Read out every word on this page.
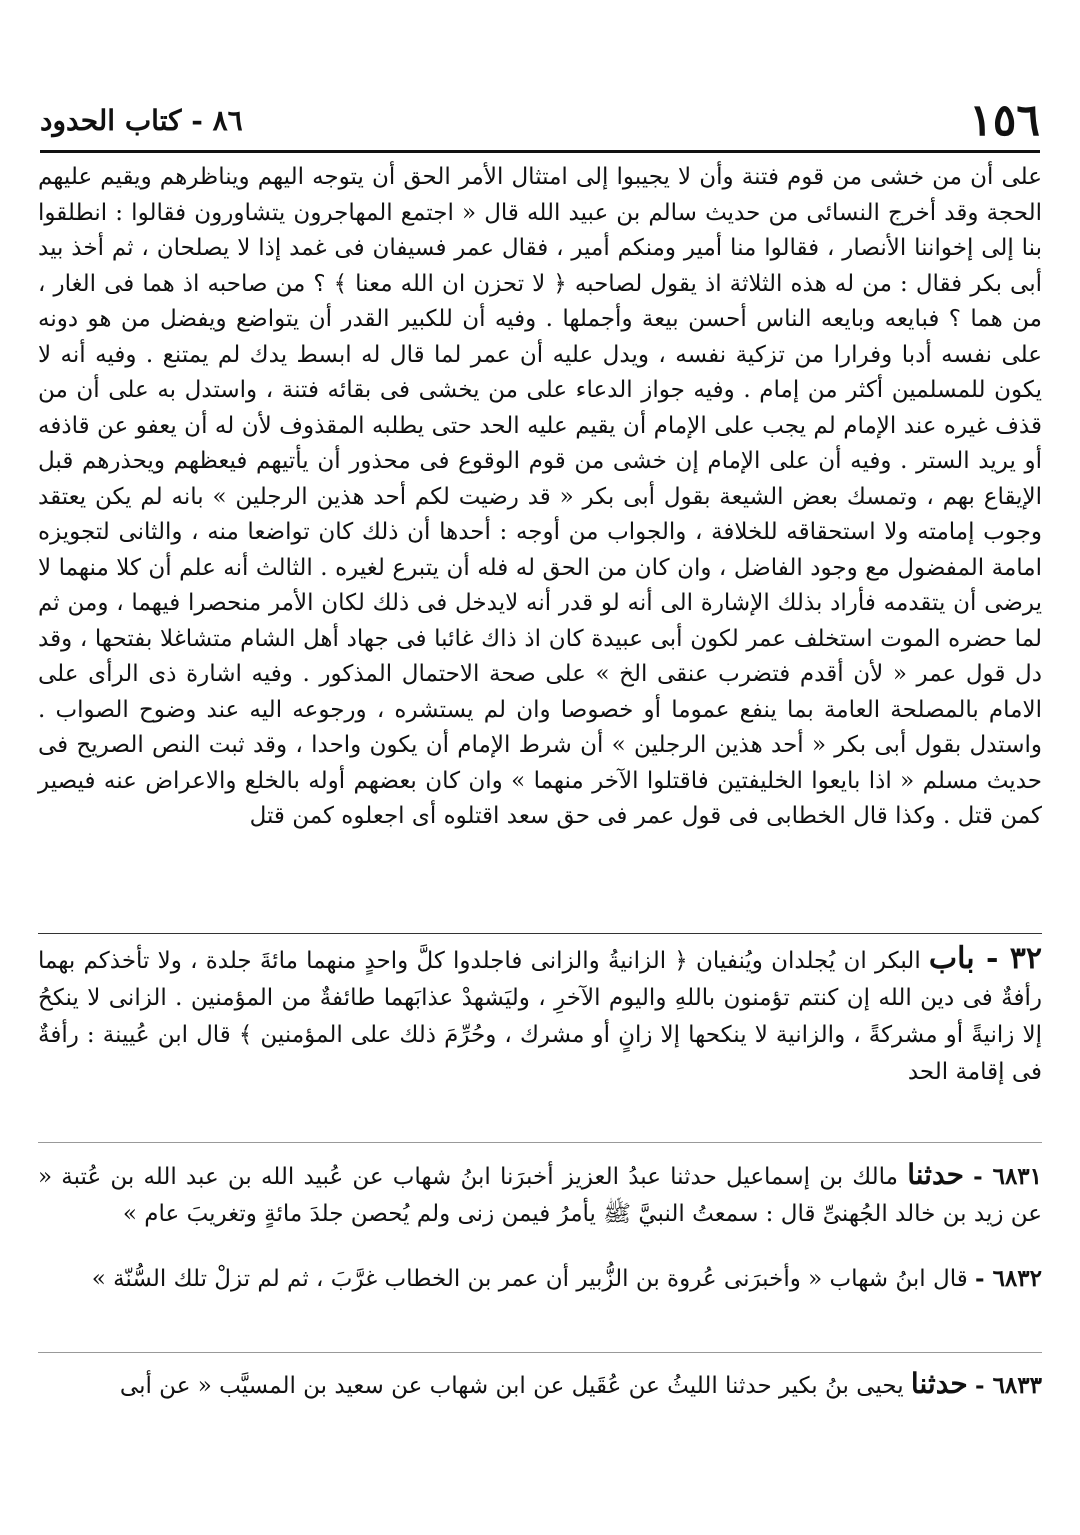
١٥٦
٨٦ - كتاب الحدود

على أن من خشى من قوم فتنة وأن لا يجيبوا إلى امتثال الأمر الحق أن يتوجه اليهم ويناظرهم ويقيم عليهم الحجة وقد أخرج النسائى من حديث سالم بن عبيد الله قال « اجتمع المهاجرون يتشاورون فقالوا : انطلقوا بنا إلى إخواننا الأنصار ، فقالوا منا أمير ومنكم أمير ، فقال عمر فسيفان فى غمد إذا لا يصلحان ، ثم أخذ بيد أبى بكر فقال : من له هذه الثلاثة اذ يقول لصاحبه ﴿ لا تحزن ان الله معنا ﴾ ؟ من صاحبه اذ هما فى الغار ، من هما ؟ فبايعه وبايعه الناس أحسن بيعة وأجملها . وفيه أن للكبير القدر أن يتواضع ويفضل من هو دونه على نفسه أدبا وفرارا من تزكية نفسه ، ويدل عليه أن عمر لما قال له ابسط يدك لم يمتنع . وفيه أنه لا يكون للمسلمين أكثر من إمام . وفيه جواز الدعاء على من يخشى فى بقائه فتنة ، واستدل به على أن من قذف غيره عند الإمام لم يجب على الإمام أن يقيم عليه الحد حتى يطلبه المقذوف لأن له أن يعفو عن قاذفه أو يريد الستر . وفيه أن على الإمام إن خشى من قوم الوقوع فى محذور أن يأتيهم فيعظهم ويحذرهم قبل الإيقاع بهم ، وتمسك بعض الشيعة بقول أبى بكر « قد رضيت لكم أحد هذين الرجلين » بانه لم يكن يعتقد وجوب إمامته ولا استحقاقه للخلافة ، والجواب من أوجه : أحدها أن ذلك كان تواضعا منه ، والثانى لتجويزه امامة المفضول مع وجود الفاضل ، وان كان من الحق له فله أن يتبرع لغيره . الثالث أنه علم أن كلا منهما لا يرضى أن يتقدمه فأراد بذلك الإشارة الى أنه لو قدر أنه لايدخل فى ذلك لكان الأمر منحصرا فيهما ، ومن ثم لما حضره الموت استخلف عمر لكون أبى عبيدة كان اذ ذاك غائبا فى جهاد أهل الشام متشاغلا بفتحها ، وقد دل قول عمر « لأن أقدم فتضرب عنقى الخ » على صحة الاحتمال المذكور . وفيه اشارة ذى الرأى على الامام بالمصلحة العامة بما ينفع عموما أو خصوصا وان لم يستشره ، ورجوعه اليه عند وضوح الصواب . واستدل بقول أبى بكر « أحد هذين الرجلين » أن شرط الإمام أن يكون واحدا ، وقد ثبت النص الصريح فى حديث مسلم « اذا بايعوا الخليفتين فاقتلوا الآخر منهما » وان كان بعضهم أوله بالخلع والاعراض عنه فيصير كمن قتل . وكذا قال الخطابى فى قول عمر فى حق سعد اقتلوه أى اجعلوه كمن قتل

٣٢ - باب البكر ان يُجلدان ويُنفيان ﴿ الزانيةُ والزانى فاجلدوا كلَّ واحدٍ منهما مائةَ جلدة ، ولا تأخذكم بهما رأفةٌ فى دين الله إن كنتم تؤمنون باللهِ واليوم الآخرِ ، وليَشهدْ عذابَهما طائفةٌ من المؤمنين . الزانى لا ينكحُ إلا زانيةً أو مشركةً ، والزانية لا ينكحها إلا زانٍ أو مشرك ، وحُرِّمَ ذلك على المؤمنين ﴾ قال ابن عُيينة : رأفةٌ فى إقامة الحد

٦٨٣١ - حدثنا مالك بن إسماعيل حدثنا عبدُ العزيز أخبرَنا ابنُ شهاب عن عُبيد الله بن عبد الله بن عُتبة « عن زيد بن خالد الجُهنىِّ قال : سمعتُ النبيَّ ﷺ يأمرُ فيمن زنى ولم يُحصن جلدَ مائةٍ وتغريبَ عام »

٦٨٣٢ - قال ابنُ شهاب « وأخبرَنى عُروة بن الزُّبير أن عمر بن الخطاب غرَّبَ ، ثم لم تزلْ تلك السُّنّة »

٦٨٣٣ - حدثنا يحيى بنُ بكير حدثنا الليثُ عن عُقَيل عن ابن شهاب عن سعيد بن المسيَّب « عن أبى
